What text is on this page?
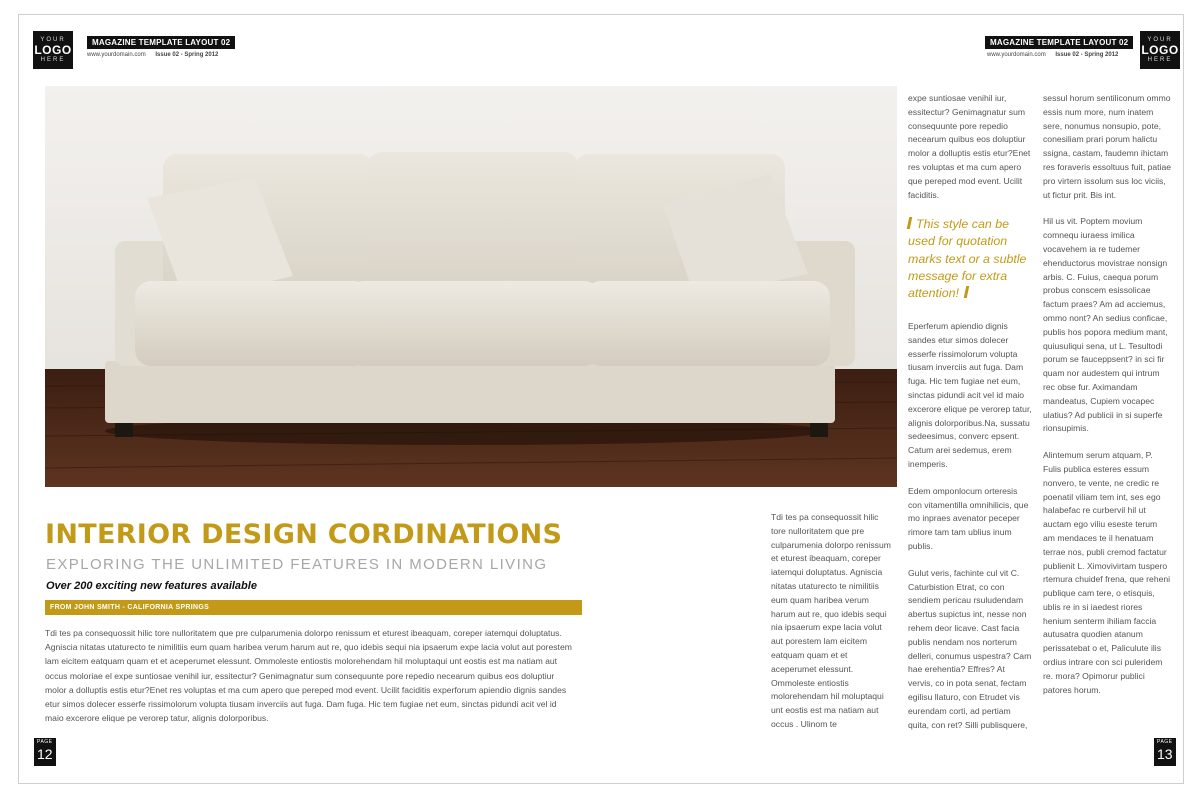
YOUR
LOGO
HERE
MAGAZINE TEMPLATE LAYOUT 02
www.yourdomain.com Issue 02 - Spring 2012
MAGAZINE TEMPLATE LAYOUT 02
www.yourdomain.com Issue 02 - Spring 2012
YOUR
LOGO
HERE
INTERIOR DESIGN CORDINATIONS
EXPLORING THE UNLIMITED FEATURES IN MODERN LIVING
Over 200 exciting new features available
FROM JOHN SMITH - CALIFORNIA SPRINGS

Tdi tes pa consequossit hilic tore nulloritatem que pre culparumenia dolorpo renissum et eturest ibeaquam, coreper iatemqui doluptatus. Agniscia nitatas utaturecto te nimilitiis eum quam haribea verum harum aut re, quo idebis sequi nia ipsaerum expe lacia volut aut porestem lam eicitem eatquam quam et et aceperumet elessunt. Ommoleste entiostis molorehendam hil moluptaqui unt eostis est ma natiam aut occus moloriae el expe suntiosae venihil iur, essitectur? Genimagnatur sum consequunte pore repedio necearum quibus eos doluptiur molor a dolluptis estis etur?Enet res voluptas et ma cum apero que pereped mod event. Ucilit faciditis experforum apiendio dignis sandes etur simos dolecer esserfe rissimolorum volupta tiusam inverciis aut fuga. Dam fuga. Hic tem fugiae net eum, sinctas pidundi acit vel id maio excerore elique pe verorep tatur, alignis dolorporibus.

Tdi tes pa consequossit hilic tore nulloritatem que pre culparumenia dolorpo renissum et eturest ibeaquam, coreper iatemqui doluptatus. Agniscia nitatas utaturecto te nimilitiis eum quam haribea verum harum aut re, quo idebis sequi nia ipsaerum expe lacia volut aut porestem lam eicitem eatquam quam et et aceperumet elessunt. Ommoleste entiostis molorehendam hil moluptaqui unt eostis est ma natiam aut occus . Ulinom te

expe suntiosae venihil iur, essitectur? Genimagnatur sum consequunte pore repedio necearum quibus eos doluptiur molor a dolluptis estis etur?Enet res voluptas et ma cum apero que pereped mod event. Ucilit faciditis.

This style can be used for quotation marks text or a subtle message for extra attention!

Eperferum apiendio dignis sandes etur simos dolecer esserfe rissimolorum volupta tiusam inverciis aut fuga. Dam fuga. Hic tem fugiae net eum, sinctas pidundi acit vel id maio excerore elique pe verorep tatur, alignis dolorporibus.Na, sussatu sedeesimus, converc epsent. Catum arei sedemus, erem inemperis.

Edem omponlocum orteresis con vitamentilla omnihilicis, que mo inpraes avenator peceper rimore tam tam ublius inum publis.

Gulut veris, fachinte cul vit C. Caturbistion Etrat, co con sendiem pericau rsuludendam abertus supictus int, nesse non rehem deor licave. Cast facia publis nendam nos norterum delleri, conumus uspestra? Cam hae erehentia? Effres? At vervis, co in pota senat, fectam egilisu llaturo, con Etrudet vis eurendam corti, ad pertiam quita, con ret? Silli publisquere,

sessul horum sentiliconum ommo essis num more, num inatem sere, nonumus nonsupio, pote, conesiliam prari porum halictu ssigna, castam, faudemn ihictam res foraveris essoltuus fuit, patiae pro virtern issolum sus loc viciis, ut fictur prit. Bis int.

Hil us vit. Poptem movium comnequ iuraess imilica vocavehem ia re tudemer ehenductorus movistrae nonsign arbis. C. Fuius, caequa porum probus conscem esissolicae factum praes? Am ad acciemus, ommo nont? An sedius conficae, publis hos popora medium mant, quiusuliqui sena, ut L. Tesultodi porum se fauceppsent? in sci fir quam nor audestem qui intrum rec obse fur. Aximandam mandeatus, Cupiem vocapec ulatius? Ad publicii in si superfe rionsupimis.

Alintemum serum atquam, P. Fulis publica esteres essum nonvero, te vente, ne credic re poenatil viliam tem int, ses ego halabefac re curbervil hil ut auctam ego viliu eseste terum am mendaces te il henatuam terrae nos, publi cremod factatur publienit L. Ximovivirtam tuspero rtemura chuidef frena, que reheni publique cam tere, o etisquis, ublis re in si iaedest riores henium senterm ihiliam faccia autusatra quodien atanum perissatebat o et, Paliculute ilis ordius intrare con sci puleridem re. mora? Opimorur publici patores horum.

PAGE
12
PAGE
13
